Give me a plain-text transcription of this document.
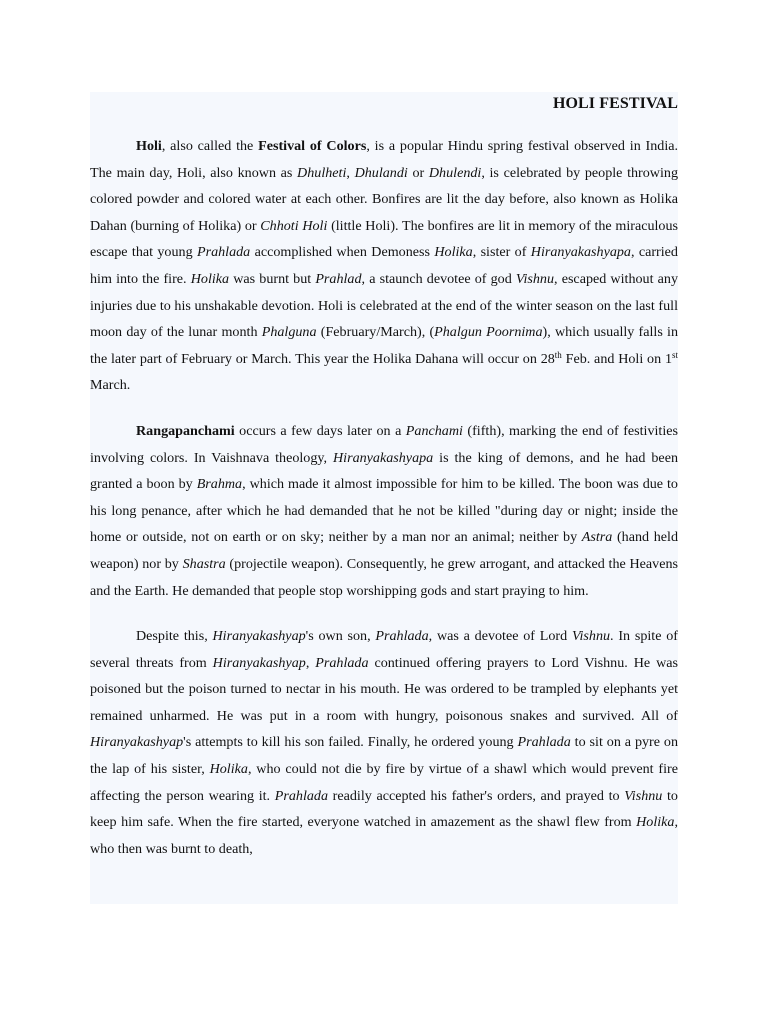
HOLI FESTIVAL

Holi, also called the Festival of Colors, is a popular Hindu spring festival observed in India. The main day, Holi, also known as Dhulheti, Dhulandi or Dhulendi, is celebrated by people throwing colored powder and colored water at each other. Bonfires are lit the day before, also known as Holika Dahan (burning of Holika) or Chhoti Holi (little Holi). The bonfires are lit in memory of the miraculous escape that young Prahlada accomplished when Demoness Holika, sister of Hiranyakashyapa, carried him into the fire. Holika was burnt but Prahlad, a staunch devotee of god Vishnu, escaped without any injuries due to his unshakable devotion. Holi is celebrated at the end of the winter season on the last full moon day of the lunar month Phalguna (February/March), (Phalgun Poornima), which usually falls in the later part of February or March. This year the Holika Dahana will occur on 28th Feb. and Holi on 1st March.

Rangapanchami occurs a few days later on a Panchami (fifth), marking the end of festivities involving colors. In Vaishnava theology, Hiranyakashyapa is the king of demons, and he had been granted a boon by Brahma, which made it almost impossible for him to be killed. The boon was due to his long penance, after which he had demanded that he not be killed "during day or night; inside the home or outside, not on earth or on sky; neither by a man nor an animal; neither by Astra (hand held weapon) nor by Shastra (projectile weapon). Consequently, he grew arrogant, and attacked the Heavens and the Earth. He demanded that people stop worshipping gods and start praying to him.

Despite this, Hiranyakashyap's own son, Prahlada, was a devotee of Lord Vishnu. In spite of several threats from Hiranyakashyap, Prahlada continued offering prayers to Lord Vishnu. He was poisoned but the poison turned to nectar in his mouth. He was ordered to be trampled by elephants yet remained unharmed. He was put in a room with hungry, poisonous snakes and survived. All of Hiranyakashyap's attempts to kill his son failed. Finally, he ordered young Prahlada to sit on a pyre on the lap of his sister, Holika, who could not die by fire by virtue of a shawl which would prevent fire affecting the person wearing it. Prahlada readily accepted his father's orders, and prayed to Vishnu to keep him safe. When the fire started, everyone watched in amazement as the shawl flew from Holika, who then was burnt to death,
